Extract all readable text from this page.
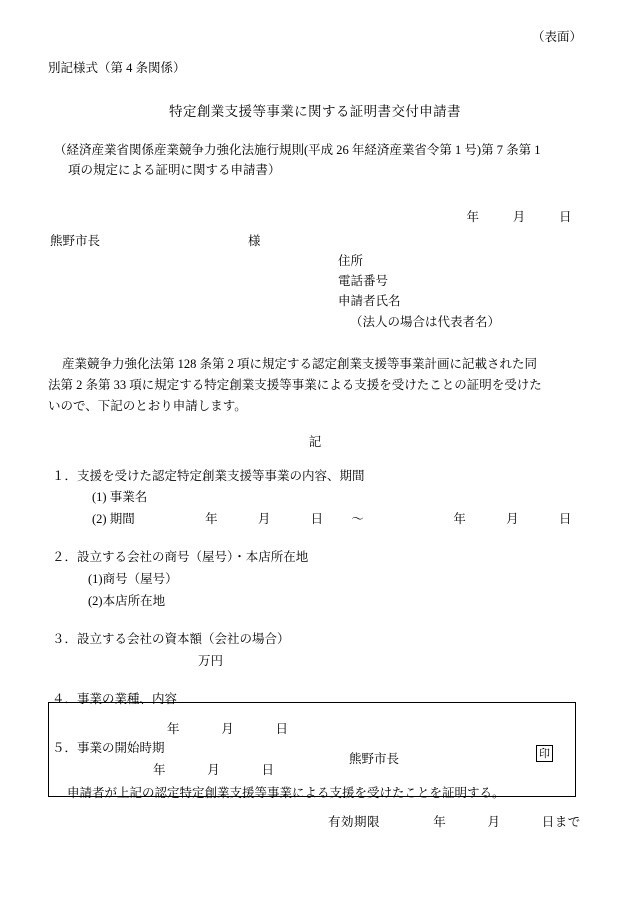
（表面）
別記様式（第 4 条関係）
特定創業支援等事業に関する証明書交付申請書
（経済産業省関係産業競争力強化法施行規則(平成 26 年経済産業省令第 1 号)第 7 条第 1
項の規定による証明に関する申請書）
年	月	日
熊野市長	様
住所
電話番号
申請者氏名
（法人の場合は代表者名）
産業競争力強化法第 128 条第 2 項に規定する認定創業支援等事業計画に記載された同
法第 2 条第 33 項に規定する特定創業支援等事業による支援を受けたことの証明を受けた
いので、下記のとおり申請します。
記
１．支援を受けた認定特定創業支援等事業の内容、期間
(1) 事業名
(2) 期間	年	月	日 ～	年	月	日
２．設立する会社の商号（屋号）・本店所在地
(1)商号（屋号）
(2)本店所在地
３．設立する会社の資本額（会社の場合）
万円
４．事業の業種、内容
５．事業の開始時期
年	月	日
年	月	日
熊野市長	印
申請者が上記の認定特定創業支援等事業による支援を受けたことを証明する。
有効期限	年	月	日まで
